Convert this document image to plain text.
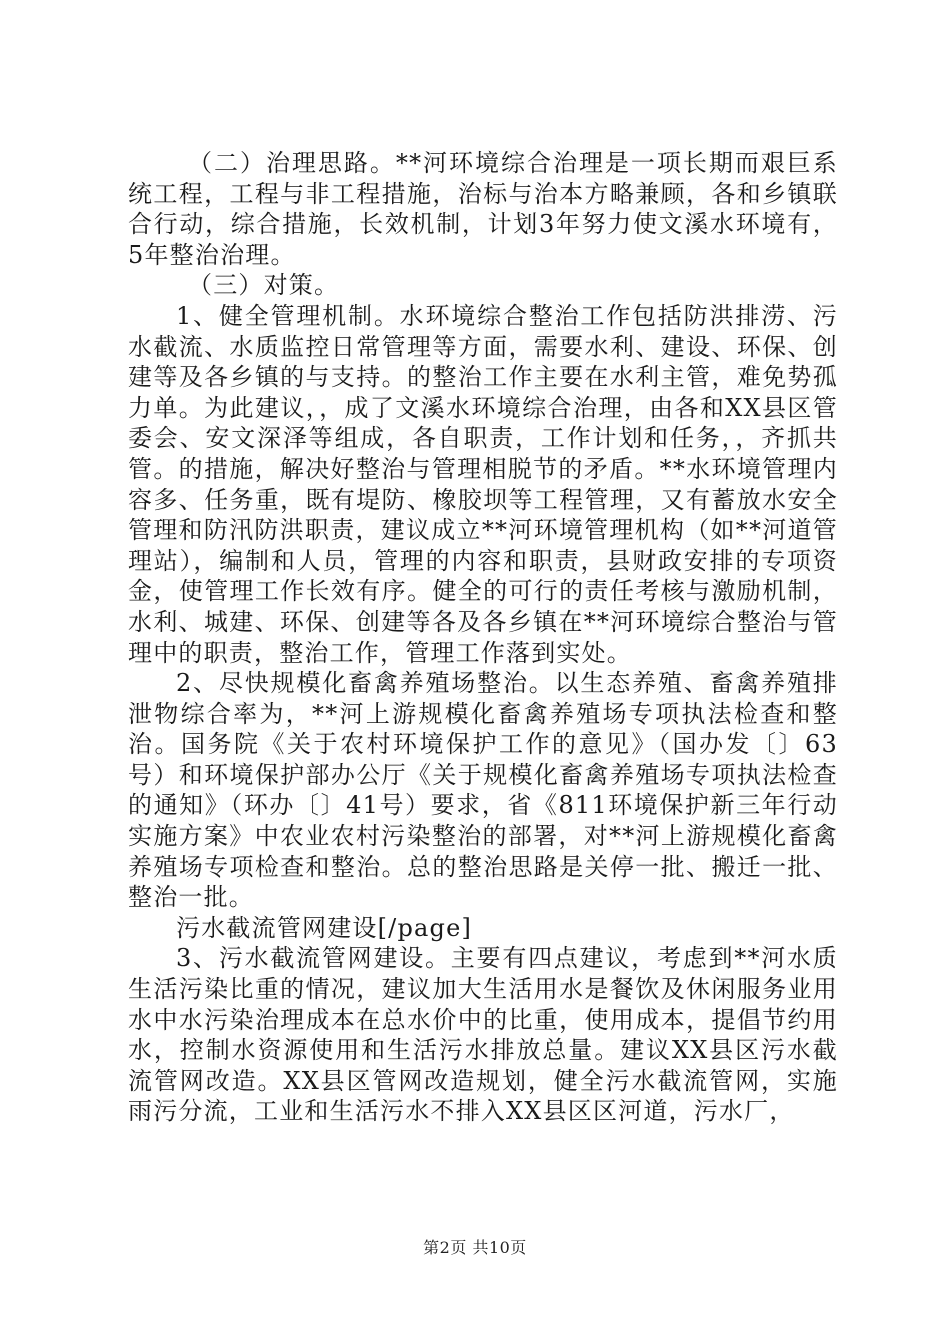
（二）治理思路。**河环境综合治理是一项长期而艰巨系统工程，工程与非工程措施，治标与治本方略兼顾，各和乡镇联合行动，综合措施，长效机制，计划3年努力使文溪水环境有，5年整治治理。

（三）对策。

1、健全管理机制。水环境综合整治工作包括防洪排涝、污水截流、水质监控日常管理等方面，需要水利、建设、环保、创建等及各乡镇的与支持。的整治工作主要在水利主管，难免势孤力单。为此建议，，成了文溪水环境综合治理，由各和XX县区管委会、安文深泽等组成，各自职责，工作计划和任务，，齐抓共管。的措施，解决好整治与管理相脱节的矛盾。**水环境管理内容多、任务重，既有堤防、橡胶坝等工程管理，又有蓄放水安全管理和防汛防洪职责，建议成立**河环境管理机构（如**河道管理站），编制和人员，管理的内容和职责，县财政安排的专项资金，使管理工作长效有序。健全的可行的责任考核与激励机制，水利、城建、环保、创建等各及各乡镇在**河环境综合整治与管理中的职责，整治工作，管理工作落到实处。

2、尽快规模化畜禽养殖场整治。以生态养殖、畜禽养殖排泄物综合率为，**河上游规模化畜禽养殖场专项执法检查和整治。国务院《关于农村环境保护工作的意见》（国办发〔〕63号）和环境保护部办公厅《关于规模化畜禽养殖场专项执法检查的通知》（环办〔〕41号）要求，省《811环境保护新三年行动实施方案》中农业农村污染整治的部署，对**河上游规模化畜禽养殖场专项检查和整治。总的整治思路是关停一批、搬迁一批、整治一批。

污水截流管网建设[/page]

3、污水截流管网建设。主要有四点建议，考虑到**河水质生活污染比重的情况，建议加大生活用水是餐饮及休闲服务业用水中水污染治理成本在总水价中的比重，使用成本，提倡节约用水，控制水资源使用和生活污水排放总量。建议XX县区污水截流管网改造。XX县区管网改造规划，健全污水截流管网，实施雨污分流，工业和生活污水不排入XX县区区河道，污水厂，

第2页 共10页
